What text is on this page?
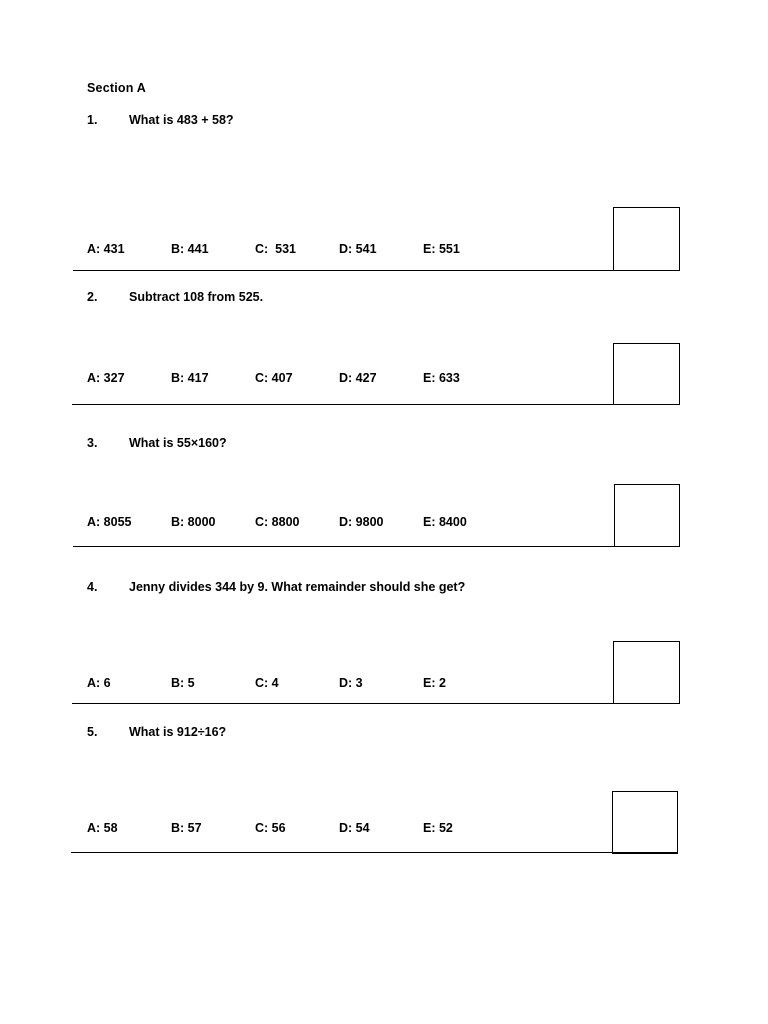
Section A
1.	What is 483 + 58?
A: 431	B: 441	C:  531	D: 541	E: 551
2.	Subtract 108 from 525.
A: 327	B: 417	C: 407	D: 427	E: 633
3.	What is 55×160?
A: 8055	B: 8000	C: 8800	D: 9800	E: 8400
4.	Jenny divides 344 by 9. What remainder should she get?
A: 6	B: 5	C: 4	D: 3	E: 2
5.	What is 912÷16?
A: 58	B: 57	C: 56	D: 54	E: 52
